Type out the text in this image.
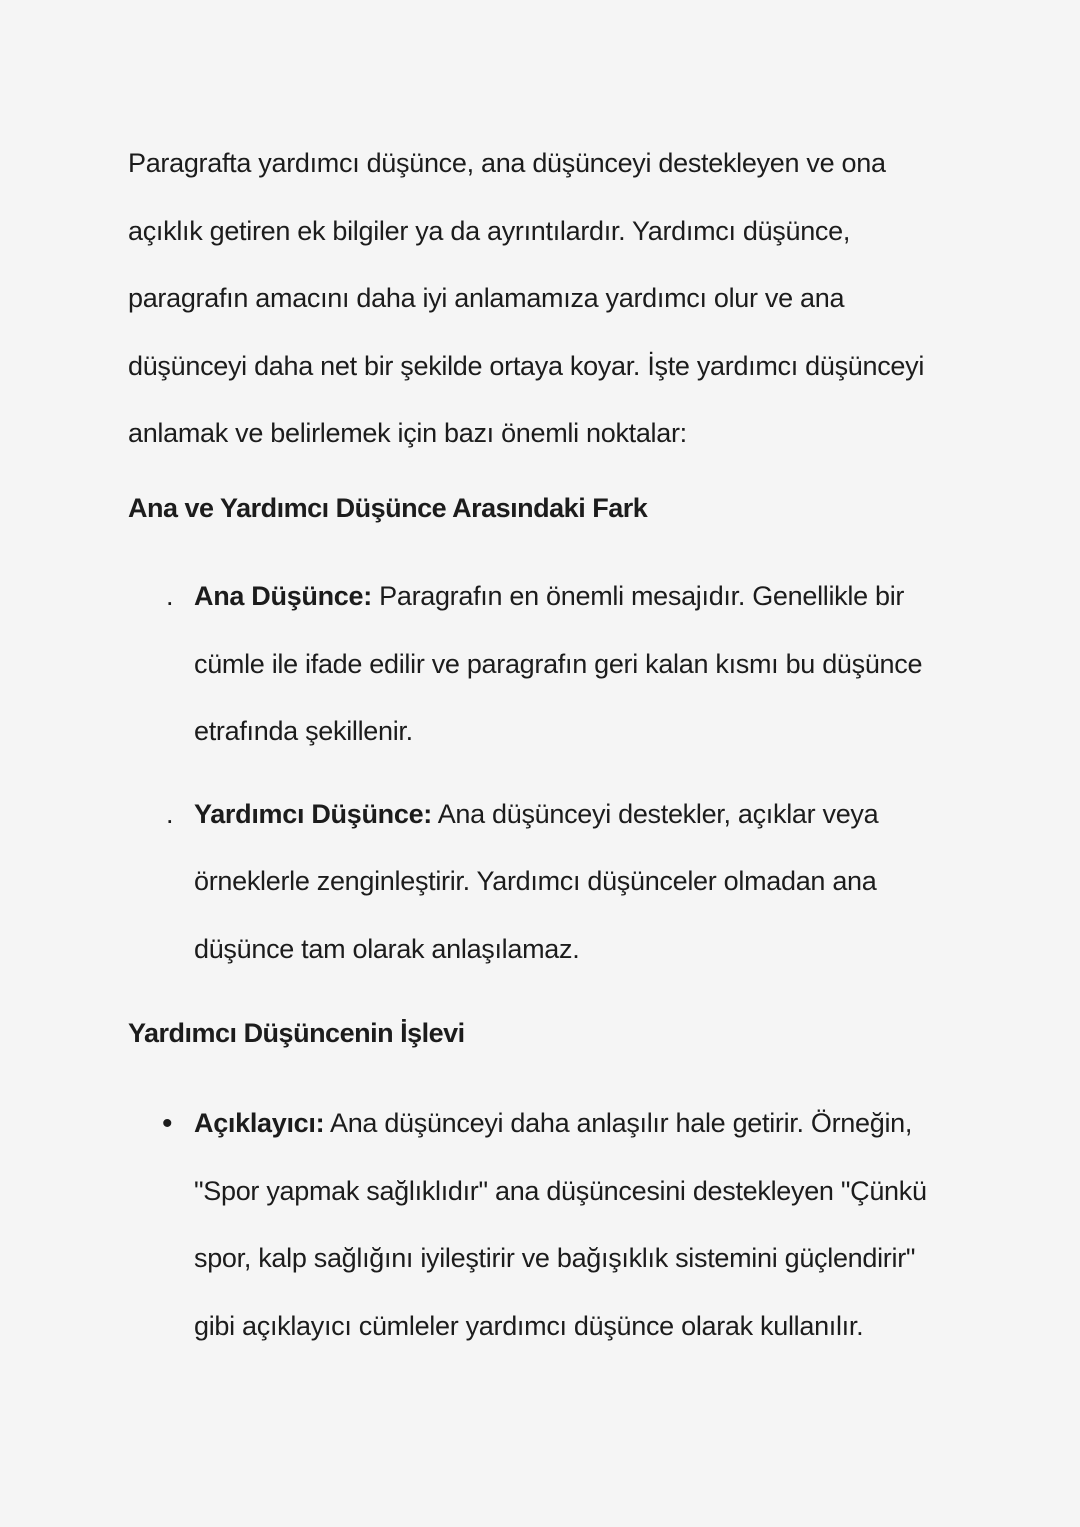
Paragrafta yardımcı düşünce, ana düşünceyi destekleyen ve ona açıklık getiren ek bilgiler ya da ayrıntılardır. Yardımcı düşünce, paragrafın amacını daha iyi anlamamıza yardımcı olur ve ana düşünceyi daha net bir şekilde ortaya koyar. İşte yardımcı düşünceyi anlamak ve belirlemek için bazı önemli noktalar:

Ana ve Yardımcı Düşünce Arasındaki Fark
. Ana Düşünce: Paragrafın en önemli mesajıdır. Genellikle bir cümle ile ifade edilir ve paragrafın geri kalan kısmı bu düşünce etrafında şekillenir.
. Yardımcı Düşünce: Ana düşünceyi destekler, açıklar veya örneklerle zenginleştirir. Yardımcı düşünceler olmadan ana düşünce tam olarak anlaşılamaz.
Yardımcı Düşüncenin İşlevi
• Açıklayıcı: Ana düşünceyi daha anlaşılır hale getirir. Örneğin, "Spor yapmak sağlıklıdır" ana düşüncesini destekleyen "Çünkü spor, kalp sağlığını iyileştirir ve bağışıklık sistemini güçlendirir" gibi açıklayıcı cümleler yardımcı düşünce olarak kullanılır.
